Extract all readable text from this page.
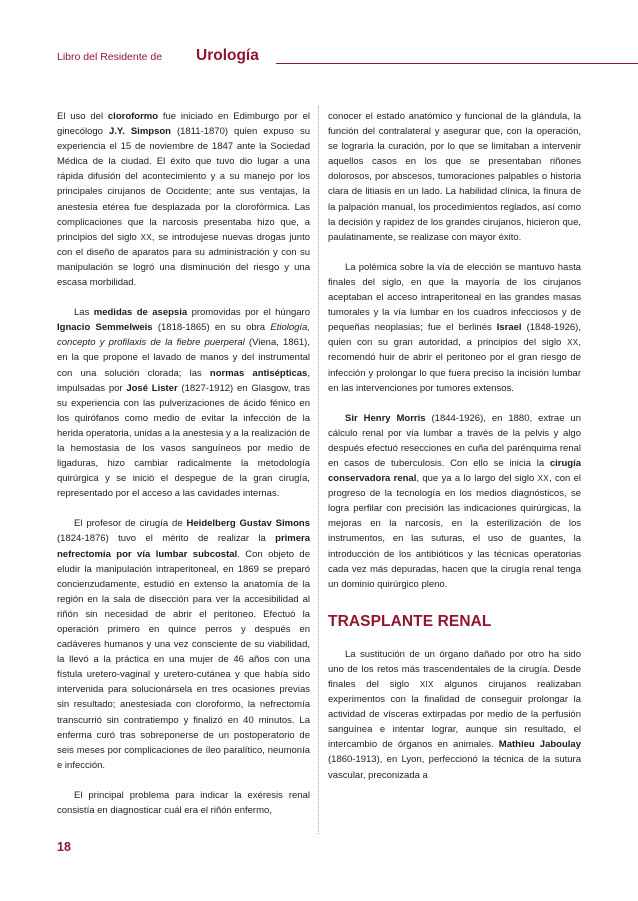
Libro del Residente de Urología

El uso del cloroformo fue iniciado en Edimburgo por el ginecólogo J.Y. Simpson (1811-1870) quien expuso su experiencia el 15 de noviembre de 1847 ante la Sociedad Médica de la ciudad. El éxito que tuvo dio lugar a una rápida difusión del acontecimiento y a su manejo por los principales cirujanos de Occidente; ante sus ventajas, la anestesia etérea fue desplazada por la clorofórmica. Las complicaciones que la narcosis presentaba hizo que, a principios del siglo XX, se introdujese nuevas drogas junto con el diseño de aparatos para su administración y con su manipulación se logró una disminución del riesgo y una escasa morbilidad.

Las medidas de asepsia promovidas por el húngaro Ignacio Semmelweis (1818-1865) en su obra Etiología, concepto y profilaxis de la fiebre puerperal (Viena, 1861), en la que propone el lavado de manos y del instrumental con una solución clorada; las normas antisépticas, impulsadas por José Lister (1827-1912) en Glasgow, tras su experiencia con las pulverizaciones de ácido fénico en los quirófanos como medio de evitar la infección de la herida operatoria, unidas a la anestesia y a la realización de la hemostasia de los vasos sanguíneos por medio de ligaduras, hizo cambiar radicalmente la metodología quirúrgica y se inició el despegue de la gran cirugía, representado por el acceso a las cavidades internas.

El profesor de cirugía de Heidelberg Gustav Simons (1824-1876) tuvo el mérito de realizar la primera nefrectomía por vía lumbar subcostal. Con objeto de eludir la manipulación intraperitoneal, en 1869 se preparó concienzudamente, estudió en extenso la anatomía de la región en la sala de disección para ver la accesibilidad al riñón sin necesidad de abrir el peritoneo. Efectuó la operación primero en quince perros y después en cadáveres humanos y una vez consciente de su viabilidad, la llevó a la práctica en una mujer de 46 años con una fístula uretero-vaginal y uretero-cutánea y que había sido intervenida para solucionársela en tres ocasiones previas sin resultado; anestesiada con cloroformo, la nefrectomía transcurrió sin contratiempo y finalizó en 40 minutos. La enferma curó tras sobreponerse de un postoperatorio de seis meses por complicaciones de íleo paralítico, neumonía e infección.

El principal problema para indicar la exéresis renal consistía en diagnosticar cuál era el riñón enfermo,

conocer el estado anatómico y funcional de la glándula, la función del contralateral y asegurar que, con la operación, se lograría la curación, por lo que se limitaban a intervenir aquellos casos en los que se presentaban riñones dolorosos, por abscesos, tumoraciones palpables o historia clara de litiasis en un lado. La habilidad clínica, la finura de la palpación manual, los procedimientos reglados, así como la decisión y rapidez de los grandes cirujanos, hicieron que, paulatinamente, se realizase con mayor éxito.

La polémica sobre la vía de elección se mantuvo hasta finales del siglo, en que la mayoría de los cirujanos aceptaban el acceso intraperitoneal en las grandes masas tumorales y la vía lumbar en los cuadros infecciosos y de pequeñas neoplasias; fue el berlinés Israel (1848-1926), quien con su gran autoridad, a principios del siglo XX, recomendó huir de abrir el peritoneo por el gran riesgo de infección y prolongar lo que fuera preciso la incisión lumbar en las intervenciones por tumores extensos.

Sir Henry Morris (1844-1926), en 1880, extrae un cálculo renal por vía lumbar a través de la pelvis y algo después efectuó resecciones en cuña del parénquima renal en casos de tuberculosis. Con ello se inicia la cirugía conservadora renal, que ya a lo largo del siglo XX, con el progreso de la tecnología en los medios diagnósticos, se logra perfilar con precisión las indicaciones quirúrgicas, la mejoras en la narcosis, en la esterilización de los instrumentos, en las suturas, el uso de guantes, la introducción de los antibióticos y las técnicas operatorias cada vez más depuradas, hacen que la cirugía renal tenga un dominio quirúrgico pleno.

TRASPLANTE RENAL

La sustitución de un órgano dañado por otro ha sido uno de los retos más trascendentales de la cirugía. Desde finales del siglo XIX algunos cirujanos realizaban experimentos con la finalidad de conseguir prolongar la actividad de vísceras extirpadas por medio de la perfusión sanguínea e intentar lograr, aunque sin resultado, el intercambio de órganos en animales. Mathieu Jaboulay (1860-1913), en Lyon, perfeccionó la técnica de la sutura vascular, preconizada a

18
